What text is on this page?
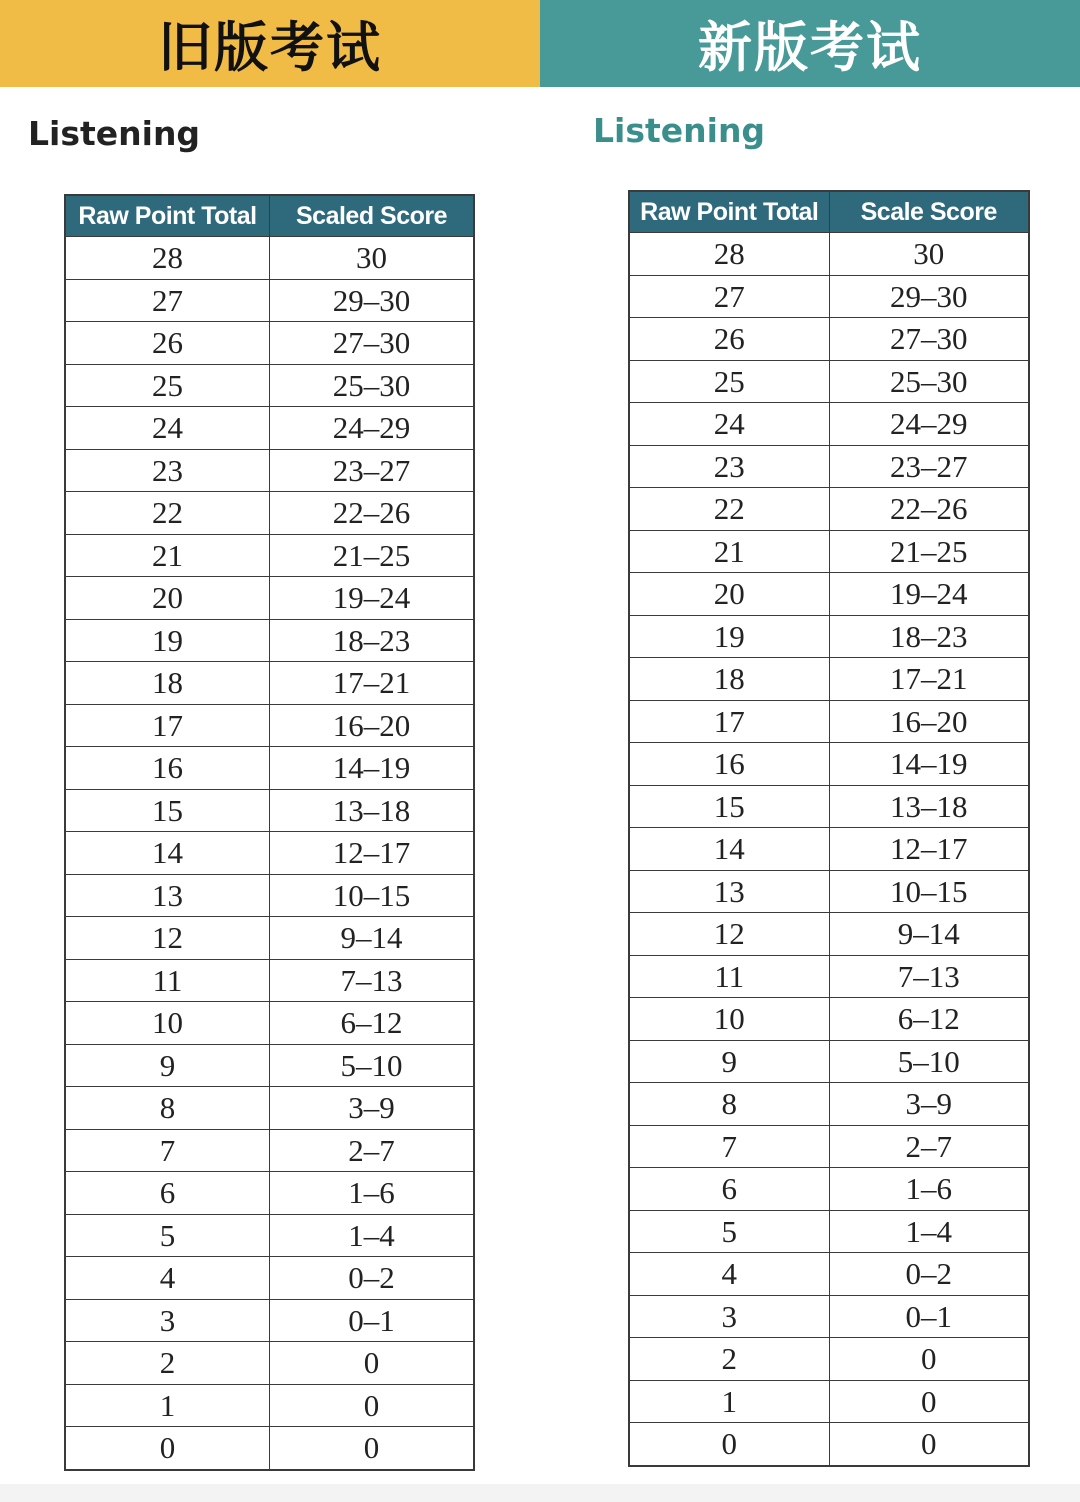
旧版考试	新版考试
Listening	Listening
Raw Point Total	Scaled Score
28	30
27	29–30
26	27–30
25	25–30
24	24–29
23	23–27
22	22–26
21	21–25
20	19–24
19	18–23
18	17–21
17	16–20
16	14–19
15	13–18
14	12–17
13	10–15
12	9–14
11	7–13
10	6–12
9	5–10
8	3–9
7	2–7
6	1–6
5	1–4
4	0–2
3	0–1
2	0
1	0
0	0
Raw Point Total	Scale Score
28	30
27	29–30
26	27–30
25	25–30
24	24–29
23	23–27
22	22–26
21	21–25
20	19–24
19	18–23
18	17–21
17	16–20
16	14–19
15	13–18
14	12–17
13	10–15
12	9–14
11	7–13
10	6–12
9	5–10
8	3–9
7	2–7
6	1–6
5	1–4
4	0–2
3	0–1
2	0
1	0
0	0
